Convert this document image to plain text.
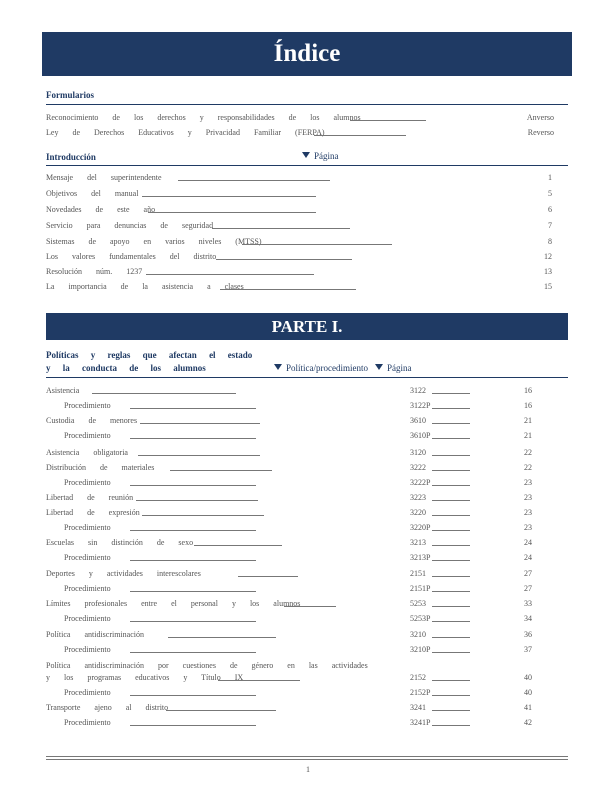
Índice
Formularios
Reconocimiento de los derechos y responsabilidades de los alumnos	Anverso
Ley de Derechos Educativos y Privacidad Familiar (FERPA)	Reverso
Introducción	Página
Mensaje del superintendente	1
Objetivos del manual	5
Novedades de este año	6
Servicio para denuncias de seguridad	7
Sistemas de apoyo en varios niveles (MTSS)	8
Los valores fundamentales del distrito	12
Resolución núm. 1237	13
La importancia de la asistencia a clases	15
PARTE I.
Políticas y reglas que afectan el estado
y la conducta de los alumnos	Política/procedimiento	Página
Asistencia	3122	16
Procedimiento	3122P	16
Custodia de menores	3610	21
Procedimiento	3610P	21
Asistencia obligatoria	3120	22
Distribución de materiales	3222	22
Procedimiento	3222P	23
Libertad de reunión	3223	23
Libertad de expresión	3220	23
Procedimiento	3220P	23
Escuelas sin distinción de sexo	3213	24
Procedimiento	3213P	24
Deportes y actividades interescolares	2151	27
Procedimiento	2151P	27
Límites profesionales entre el personal y los alumnos	5253	33
Procedimiento	5253P	34
Política antidiscriminación	3210	36
Procedimiento	3210P	37
Política antidiscriminación por cuestiones de género en las actividades
y los programas educativos y Título IX	2152	40
Procedimiento	2152P	40
Transporte ajeno al distrito	3241	41
Procedimiento	3241P	42
1
